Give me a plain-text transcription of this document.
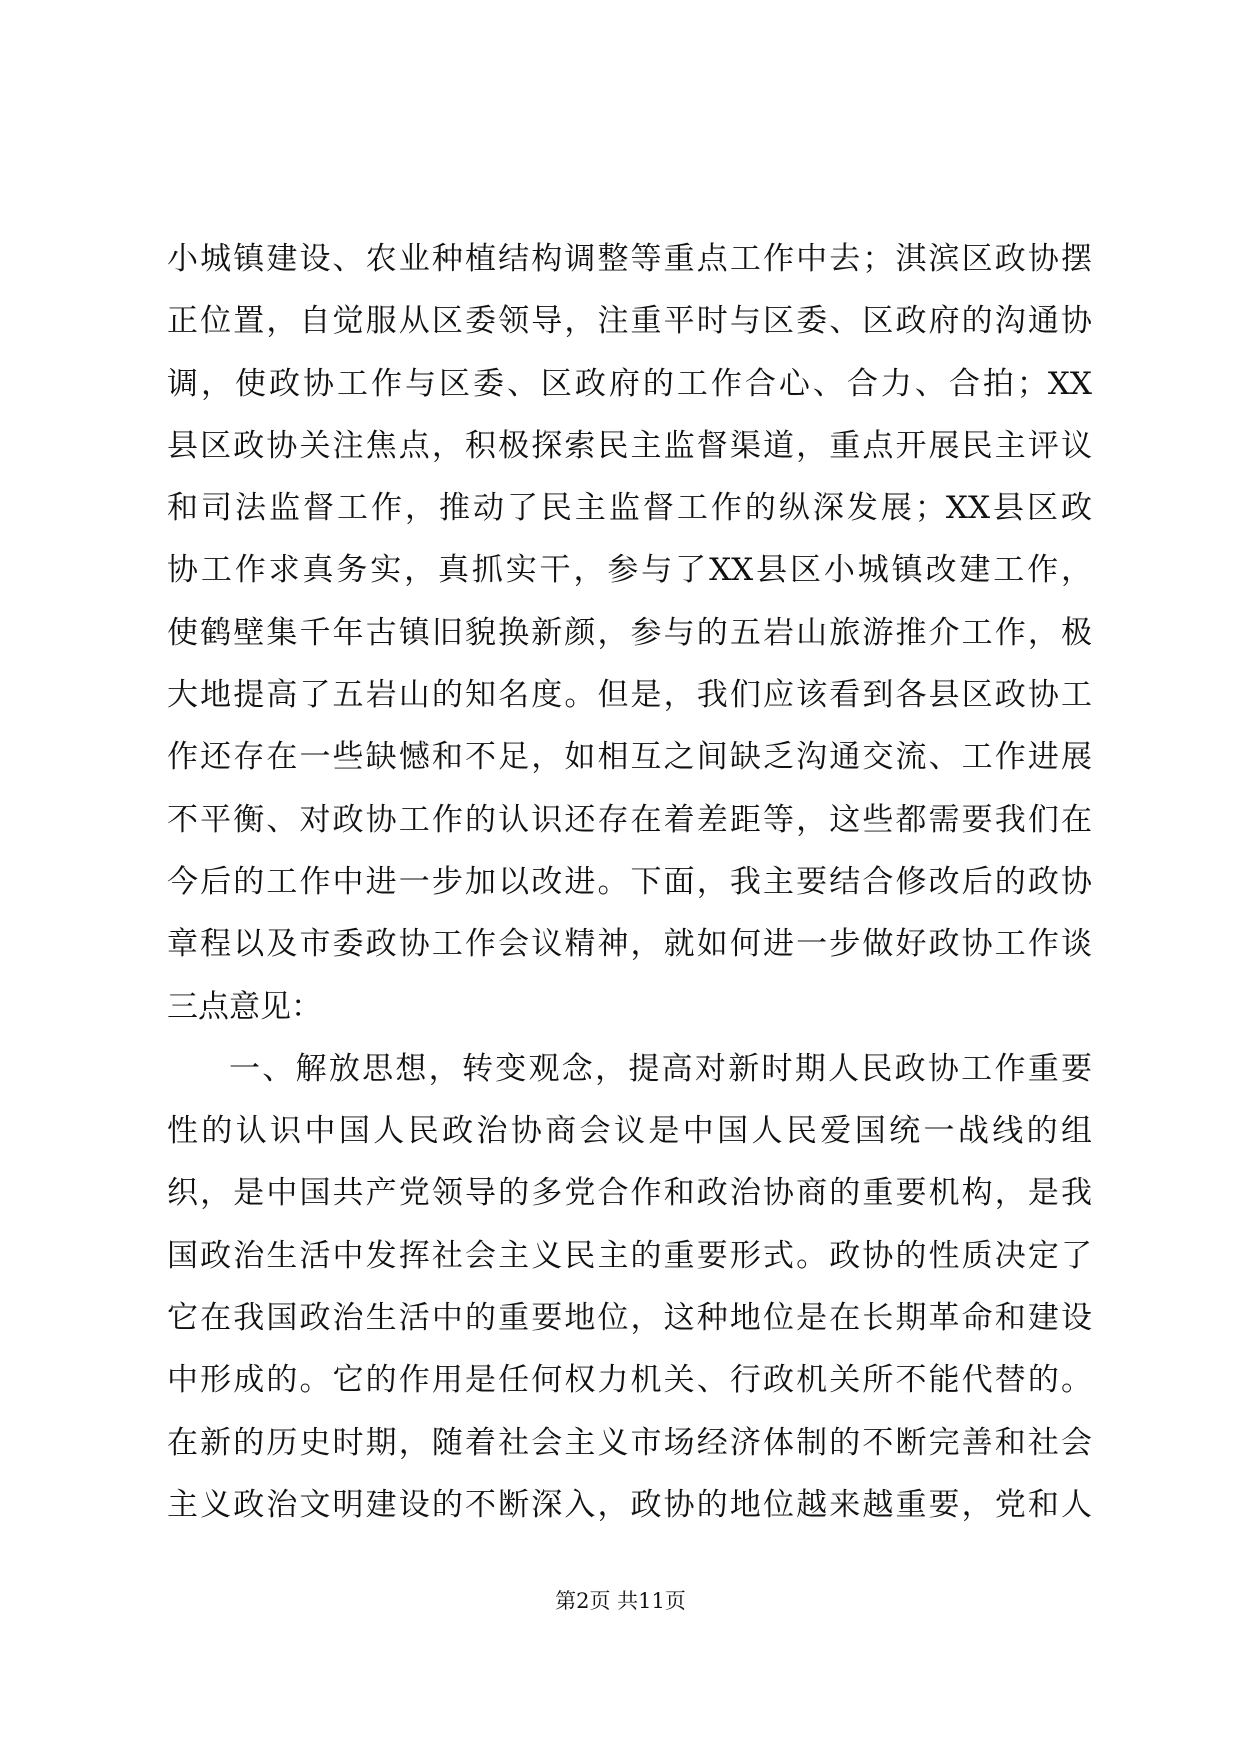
小城镇建设、农业种植结构调整等重点工作中去；淇滨区政协摆
正位置，自觉服从区委领导，注重平时与区委、区政府的沟通协
调，使政协工作与区委、区政府的工作合心、合力、合拍；XX
县区政协关注焦点，积极探索民主监督渠道，重点开展民主评议
和司法监督工作，推动了民主监督工作的纵深发展；XX县区政
协工作求真务实，真抓实干，参与了XX县区小城镇改建工作，
使鹤壁集千年古镇旧貌换新颜，参与的五岩山旅游推介工作，极
大地提高了五岩山的知名度。但是，我们应该看到各县区政协工
作还存在一些缺憾和不足，如相互之间缺乏沟通交流、工作进展
不平衡、对政协工作的认识还存在着差距等，这些都需要我们在
今后的工作中进一步加以改进。下面，我主要结合修改后的政协
章程以及市委政协工作会议精神，就如何进一步做好政协工作谈
三点意见：
一、解放思想，转变观念，提高对新时期人民政协工作重要
性的认识中国人民政治协商会议是中国人民爱国统一战线的组
织，是中国共产党领导的多党合作和政治协商的重要机构，是我
国政治生活中发挥社会主义民主的重要形式。政协的性质决定了
它在我国政治生活中的重要地位，这种地位是在长期革命和建设
中形成的。它的作用是任何权力机关、行政机关所不能代替的。
在新的历史时期，随着社会主义市场经济体制的不断完善和社会
主义政治文明建设的不断深入，政协的地位越来越重要，党和人
第2页 共11页
